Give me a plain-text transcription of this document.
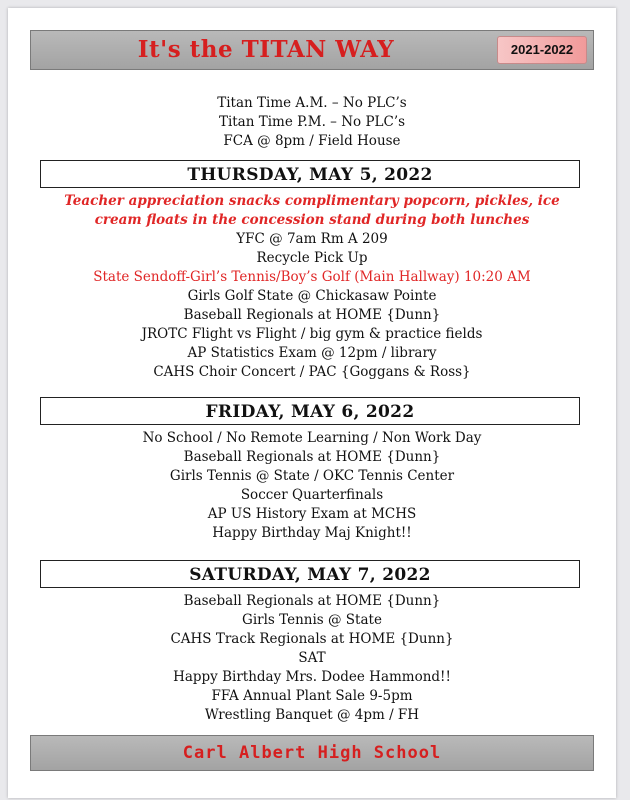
It's the TITAN WAY	2021-2022
Titan Time A.M. – No PLC’s
Titan Time P.M. – No PLC’s
FCA @ 8pm / Field House
THURSDAY, MAY 5, 2022
Teacher appreciation snacks complimentary popcorn, pickles, ice cream floats in the concession stand during both lunches
YFC @ 7am Rm A 209
Recycle Pick Up
State Sendoff-Girl’s Tennis/Boy’s Golf (Main Hallway) 10:20 AM
Girls Golf State @ Chickasaw Pointe
Baseball Regionals at HOME {Dunn}
JROTC Flight vs Flight / big gym & practice fields
AP Statistics Exam @ 12pm / library
CAHS Choir Concert / PAC {Goggans & Ross}
FRIDAY, MAY 6, 2022
No School / No Remote Learning / Non Work Day
Baseball Regionals at HOME {Dunn}
Girls Tennis @ State / OKC Tennis Center
Soccer Quarterfinals
AP US History Exam at MCHS
Happy Birthday Maj Knight!!
SATURDAY, MAY 7, 2022
Baseball Regionals at HOME {Dunn}
Girls Tennis @ State
CAHS Track Regionals at HOME {Dunn}
SAT
Happy Birthday Mrs. Dodee Hammond!!
FFA Annual Plant Sale 9-5pm
Wrestling Banquet @ 4pm / FH
Carl Albert High School
